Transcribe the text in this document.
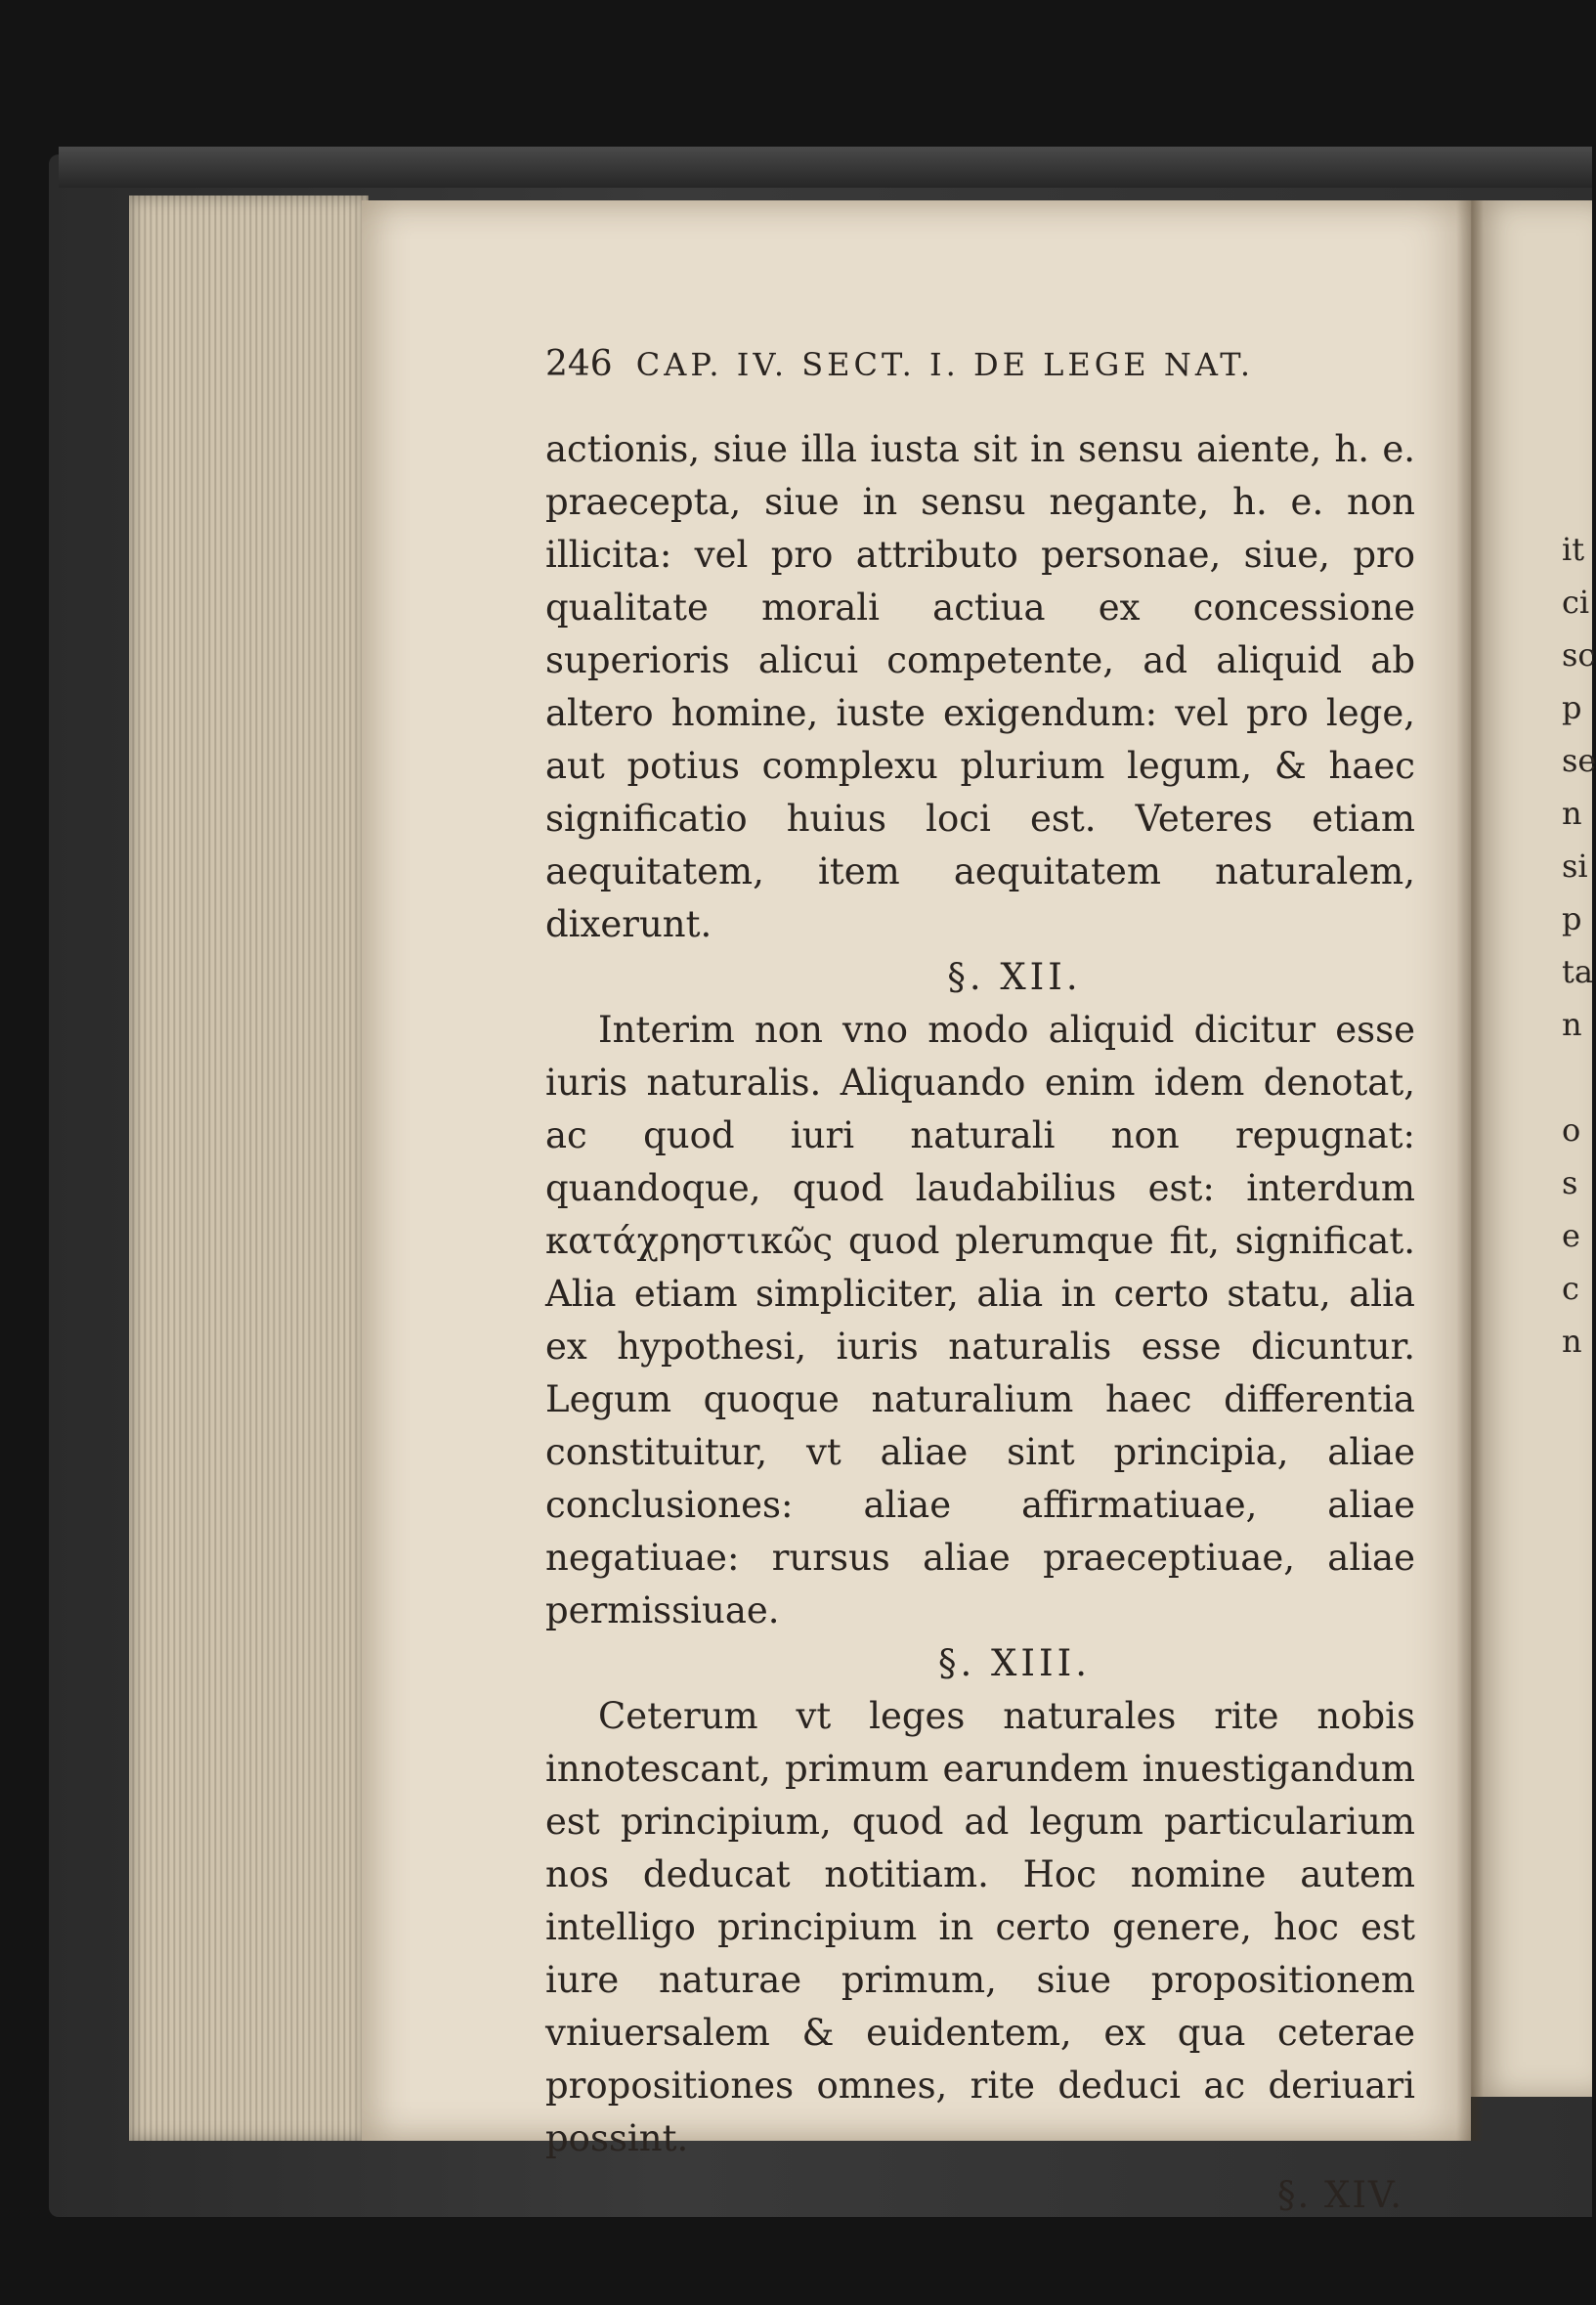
246 CAP. IV. SECT. I. DE LEGE NAT.

actionis, siue illa iusta sit in sensu aiente, h. e. praecepta, siue in sensu negante, h. e. non illicita: vel pro attributo personae, siue, pro qualitate morali actiua ex concessione superioris alicui competente, ad aliquid ab altero homine, iuste exigendum: vel pro lege, aut potius complexu plurium legum, & haec significatio huius loci est. Veteres etiam aequitatem, item aequitatem naturalem, dixerunt.

§. XII.

Interim non vno modo aliquid dicitur esse iuris naturalis. Aliquando enim idem denotat, ac quod iuri naturali non repugnat: quandoque, quod laudabilius est: interdum κατάχρηστικῶς quod plerumque fit, significat. Alia etiam simpliciter, alia in certo statu, alia ex hypothesi, iuris naturalis esse dicuntur. Legum quoque naturalium haec differentia constituitur, vt aliae sint principia, aliae conclusiones: aliae affirmatiuae, aliae negatiuae: rursus aliae praeceptiuae, aliae permissiuae.

§. XIII.

Ceterum vt leges naturales rite nobis innotescant, primum earundem inuestigandum est principium, quod ad legum particularium nos deducat notitiam. Hoc nomine autem intelligo principium in certo genere, hoc est iure naturae primum, siue propositionem vniuersalem & euidentem, ex qua ceterae propositiones omnes, rite deduci ac deriuari possint.

§. XIV.

it
ci
sc
p
se
n
si
p
ta
n

o
s
e
c
n
